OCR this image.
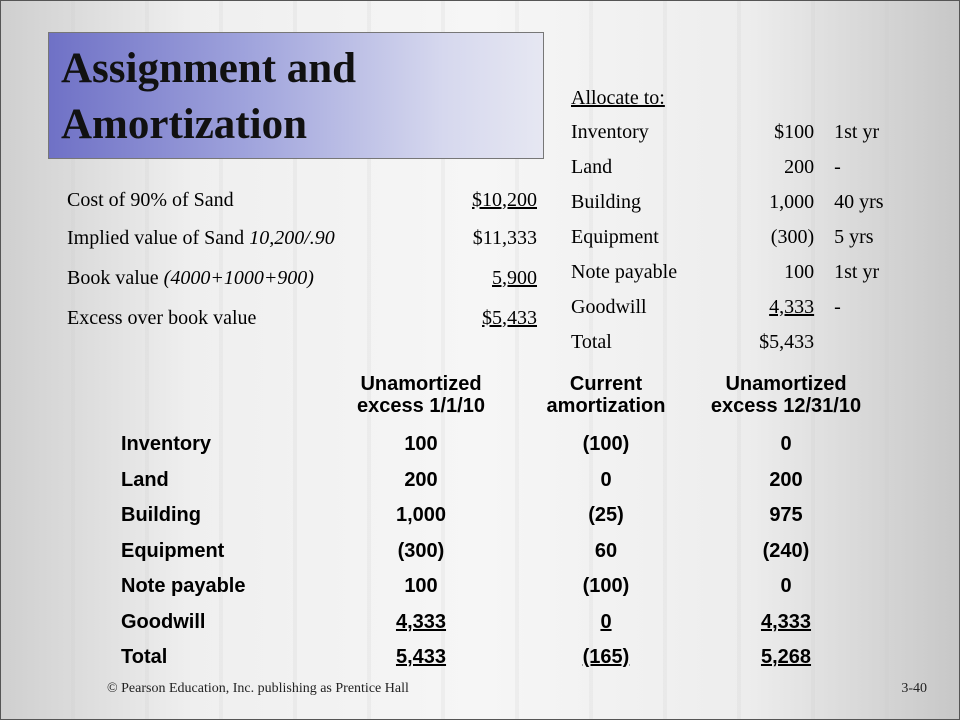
Assignment and
Amortization
Cost of 90% of Sand	$10,200
Implied value of Sand 10,200/.90	$11,333
Book value (4000+1000+900)	5,900
Excess over book value	$5,433
Allocate to:
Inventory	$100	1st yr
Land	200	-
Building	1,000	40 yrs
Equipment	(300)	5 yrs
Note payable	100	1st yr
Goodwill	4,333	-
Total	$5,433
Unamortized
excess 1/1/10
Current
amortization
Unamortized
excess 12/31/10
Inventory	100	(100)	0
Land	200	0	200
Building	1,000	(25)	975
Equipment	(300)	60	(240)
Note payable	100	(100)	0
Goodwill	4,333	0	4,333
Total	5,433	(165)	5,268
© Pearson Education, Inc. publishing as Prentice Hall	3-40
